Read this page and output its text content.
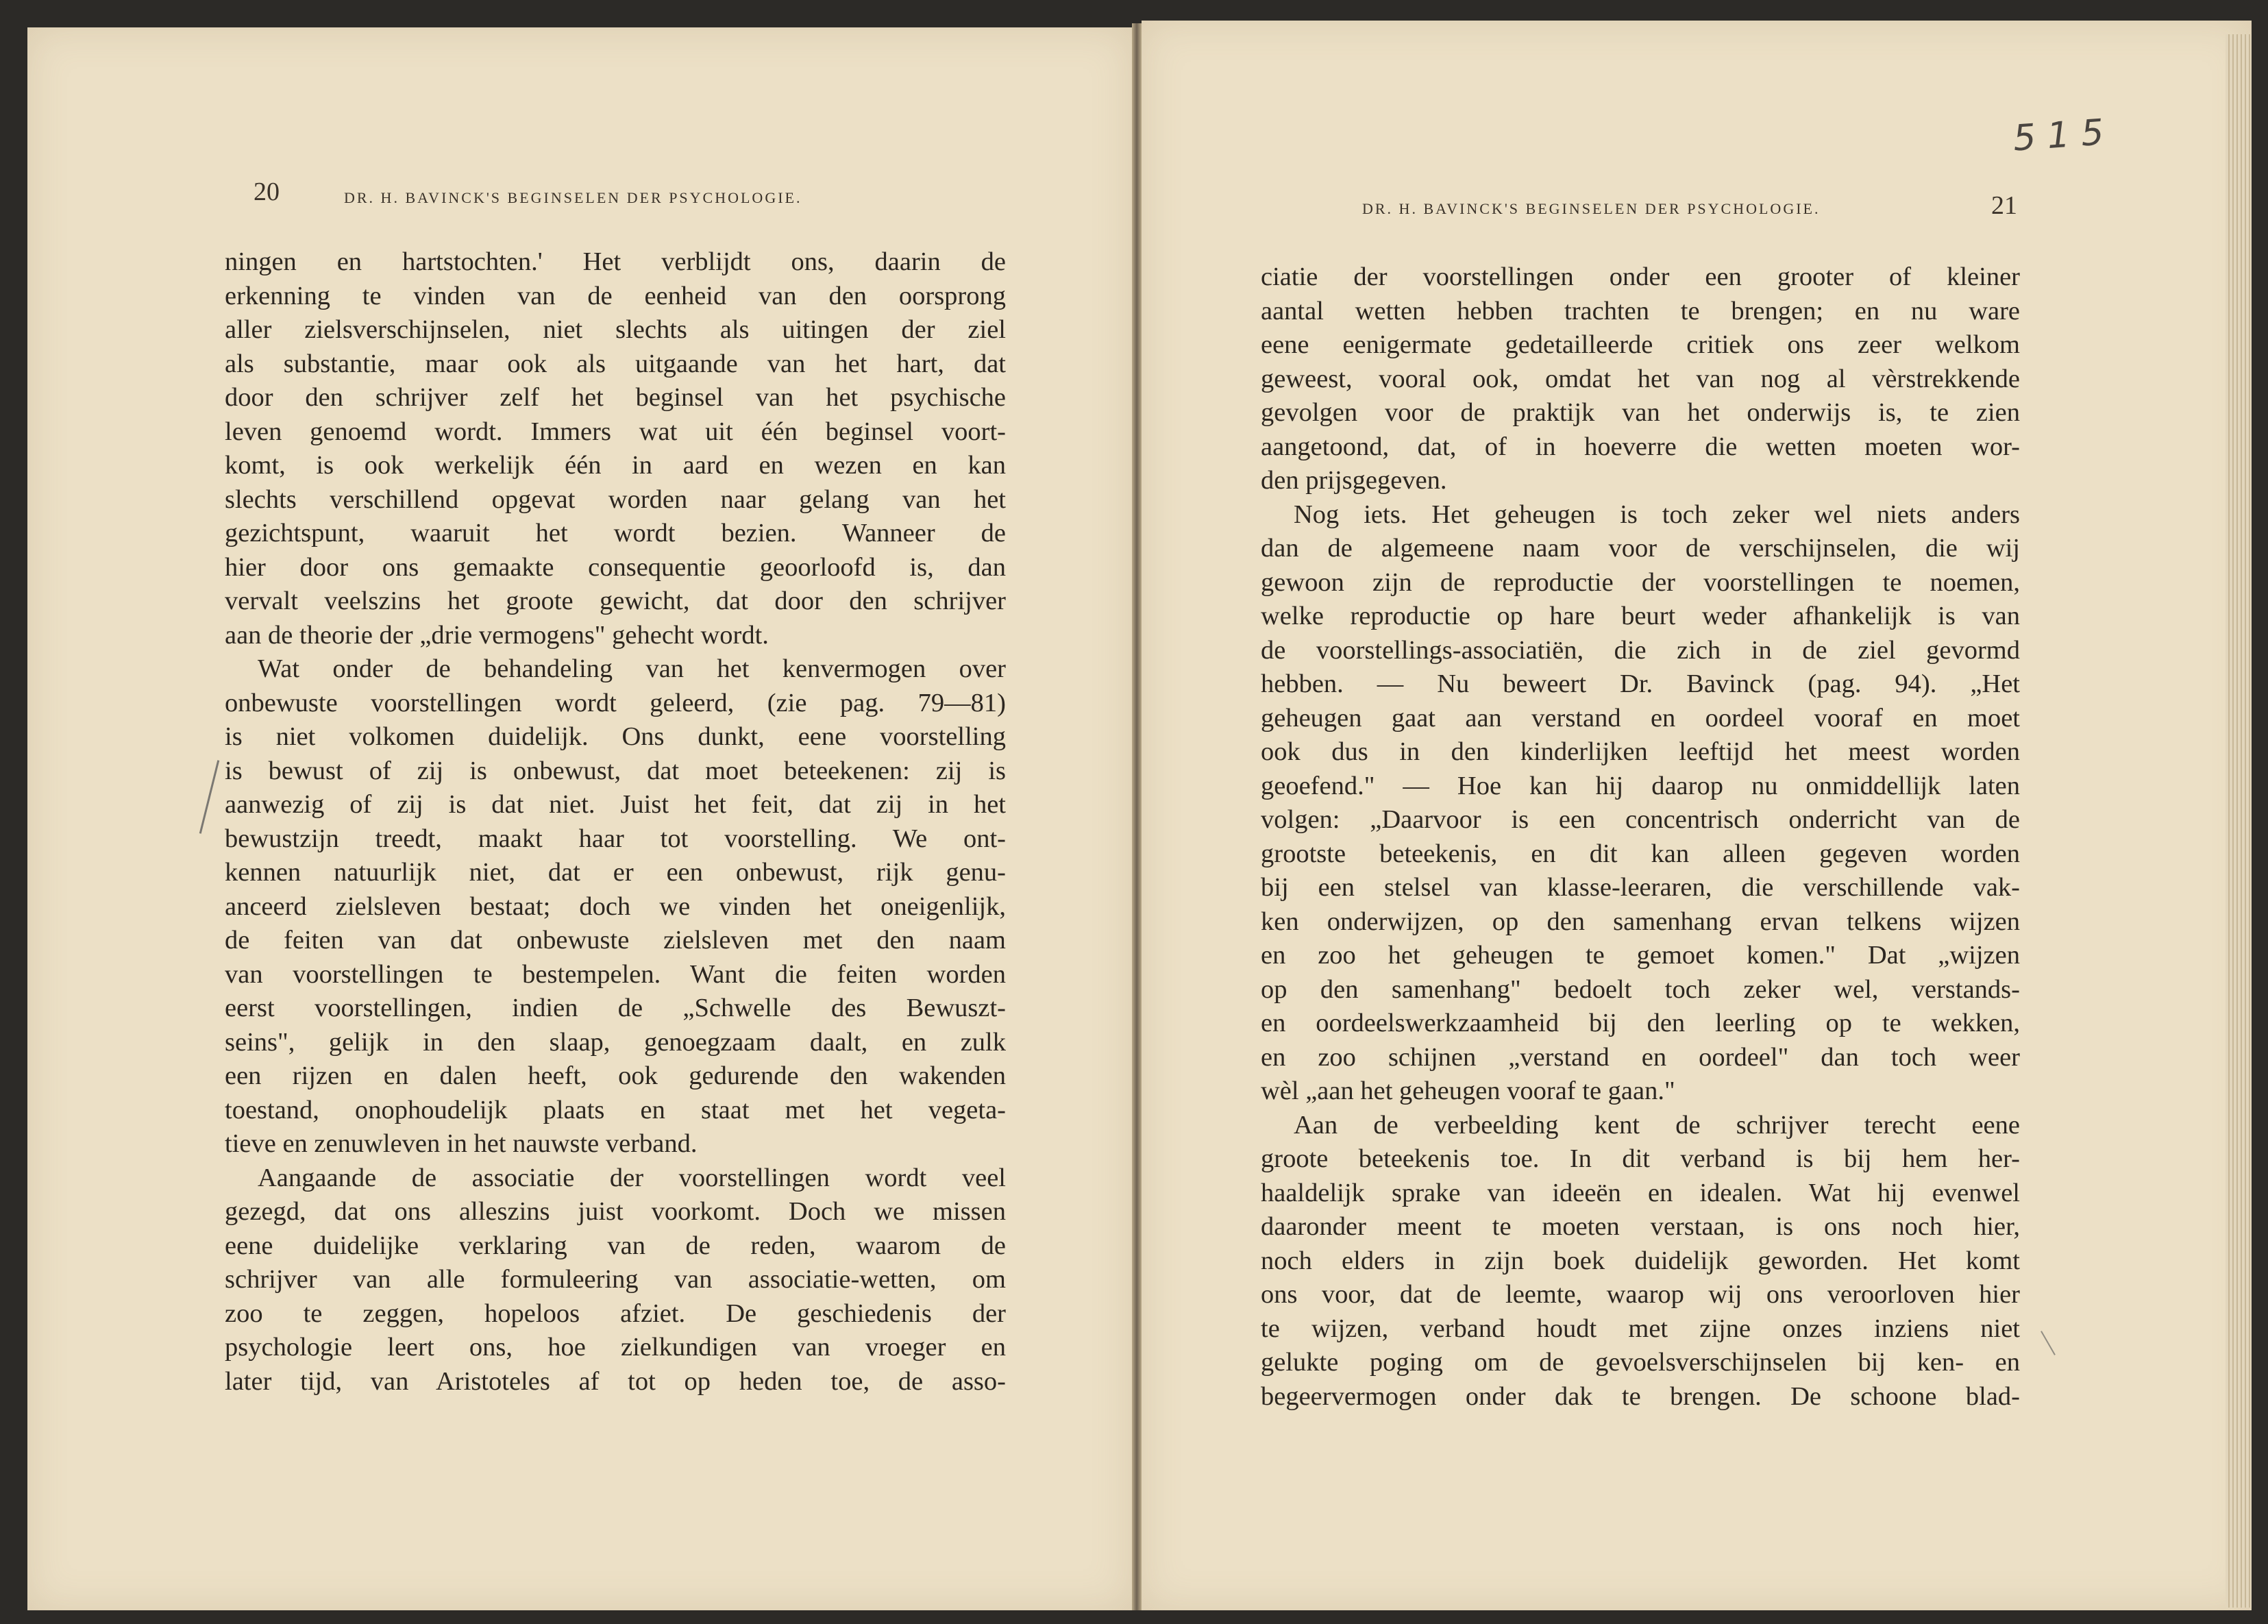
20	DR. H. BAVINCK'S BEGINSELEN DER PSYCHOLOGIE.
DR. H. BAVINCK'S BEGINSELEN DER PSYCHOLOGIE.	21
5 1 5
ningen en hartstochten.' Het verblijdt ons, daarin de
erkenning te vinden van de eenheid van den oorsprong
aller zielsverschijnselen, niet slechts als uitingen der ziel
als substantie, maar ook als uitgaande van het hart, dat
door den schrijver zelf het beginsel van het psychische
leven genoemd wordt. Immers wat uit één beginsel voort-
komt, is ook werkelijk één in aard en wezen en kan
slechts verschillend opgevat worden naar gelang van het
gezichtspunt, waaruit het wordt bezien. Wanneer de
hier door ons gemaakte consequentie geoorloofd is, dan
vervalt veelszins het groote gewicht, dat door den schrijver
aan de theorie der „drie vermogens" gehecht wordt.
Wat onder de behandeling van het kenvermogen over
onbewuste voorstellingen wordt geleerd, (zie pag. 79—81)
is niet volkomen duidelijk. Ons dunkt, eene voorstelling
is bewust of zij is onbewust, dat moet beteekenen: zij is
aanwezig of zij is dat niet. Juist het feit, dat zij in het
bewustzijn treedt, maakt haar tot voorstelling. We ont-
kennen natuurlijk niet, dat er een onbewust, rijk genu-
anceerd zielsleven bestaat; doch we vinden het oneigenlijk,
de feiten van dat onbewuste zielsleven met den naam
van voorstellingen te bestempelen. Want die feiten worden
eerst voorstellingen, indien de „Schwelle des Bewuszt-
seins", gelijk in den slaap, genoegzaam daalt, en zulk
een rijzen en dalen heeft, ook gedurende den wakenden
toestand, onophoudelijk plaats en staat met het vegeta-
tieve en zenuwleven in het nauwste verband.
Aangaande de associatie der voorstellingen wordt veel
gezegd, dat ons alleszins juist voorkomt. Doch we missen
eene duidelijke verklaring van de reden, waarom de
schrijver van alle formuleering van associatie-wetten, om
zoo te zeggen, hopeloos afziet. De geschiedenis der
psychologie leert ons, hoe zielkundigen van vroeger en
later tijd, van Aristoteles af tot op heden toe, de asso-
ciatie der voorstellingen onder een grooter of kleiner
aantal wetten hebben trachten te brengen; en nu ware
eene eenigermate gedetailleerde critiek ons zeer welkom
geweest, vooral ook, omdat het van nog al vèrstrekkende
gevolgen voor de praktijk van het onderwijs is, te zien
aangetoond, dat, of in hoeverre die wetten moeten wor-
den prijsgegeven.
Nog iets. Het geheugen is toch zeker wel niets anders
dan de algemeene naam voor de verschijnselen, die wij
gewoon zijn de reproductie der voorstellingen te noemen,
welke reproductie op hare beurt weder afhankelijk is van
de voorstellings-associatiën, die zich in de ziel gevormd
hebben. — Nu beweert Dr. Bavinck (pag. 94). „Het
geheugen gaat aan verstand en oordeel vooraf en moet
ook dus in den kinderlijken leeftijd het meest worden
geoefend." — Hoe kan hij daarop nu onmiddellijk laten
volgen: „Daarvoor is een concentrisch onderricht van de
grootste beteekenis, en dit kan alleen gegeven worden
bij een stelsel van klasse-leeraren, die verschillende vak-
ken onderwijzen, op den samenhang ervan telkens wijzen
en zoo het geheugen te gemoet komen." Dat „wijzen
op den samenhang" bedoelt toch zeker wel, verstands-
en oordeelswerkzaamheid bij den leerling op te wekken,
en zoo schijnen „verstand en oordeel" dan toch weer
wèl „aan het geheugen vooraf te gaan."
Aan de verbeelding kent de schrijver terecht eene
groote beteekenis toe. In dit verband is bij hem her-
haaldelijk sprake van ideeën en idealen. Wat hij evenwel
daaronder meent te moeten verstaan, is ons noch hier,
noch elders in zijn boek duidelijk geworden. Het komt
ons voor, dat de leemte, waarop wij ons veroorloven hier
te wijzen, verband houdt met zijne onzes inziens niet
gelukte poging om de gevoelsverschijnselen bij ken- en
begeervermogen onder dak te brengen. De schoone blad-
